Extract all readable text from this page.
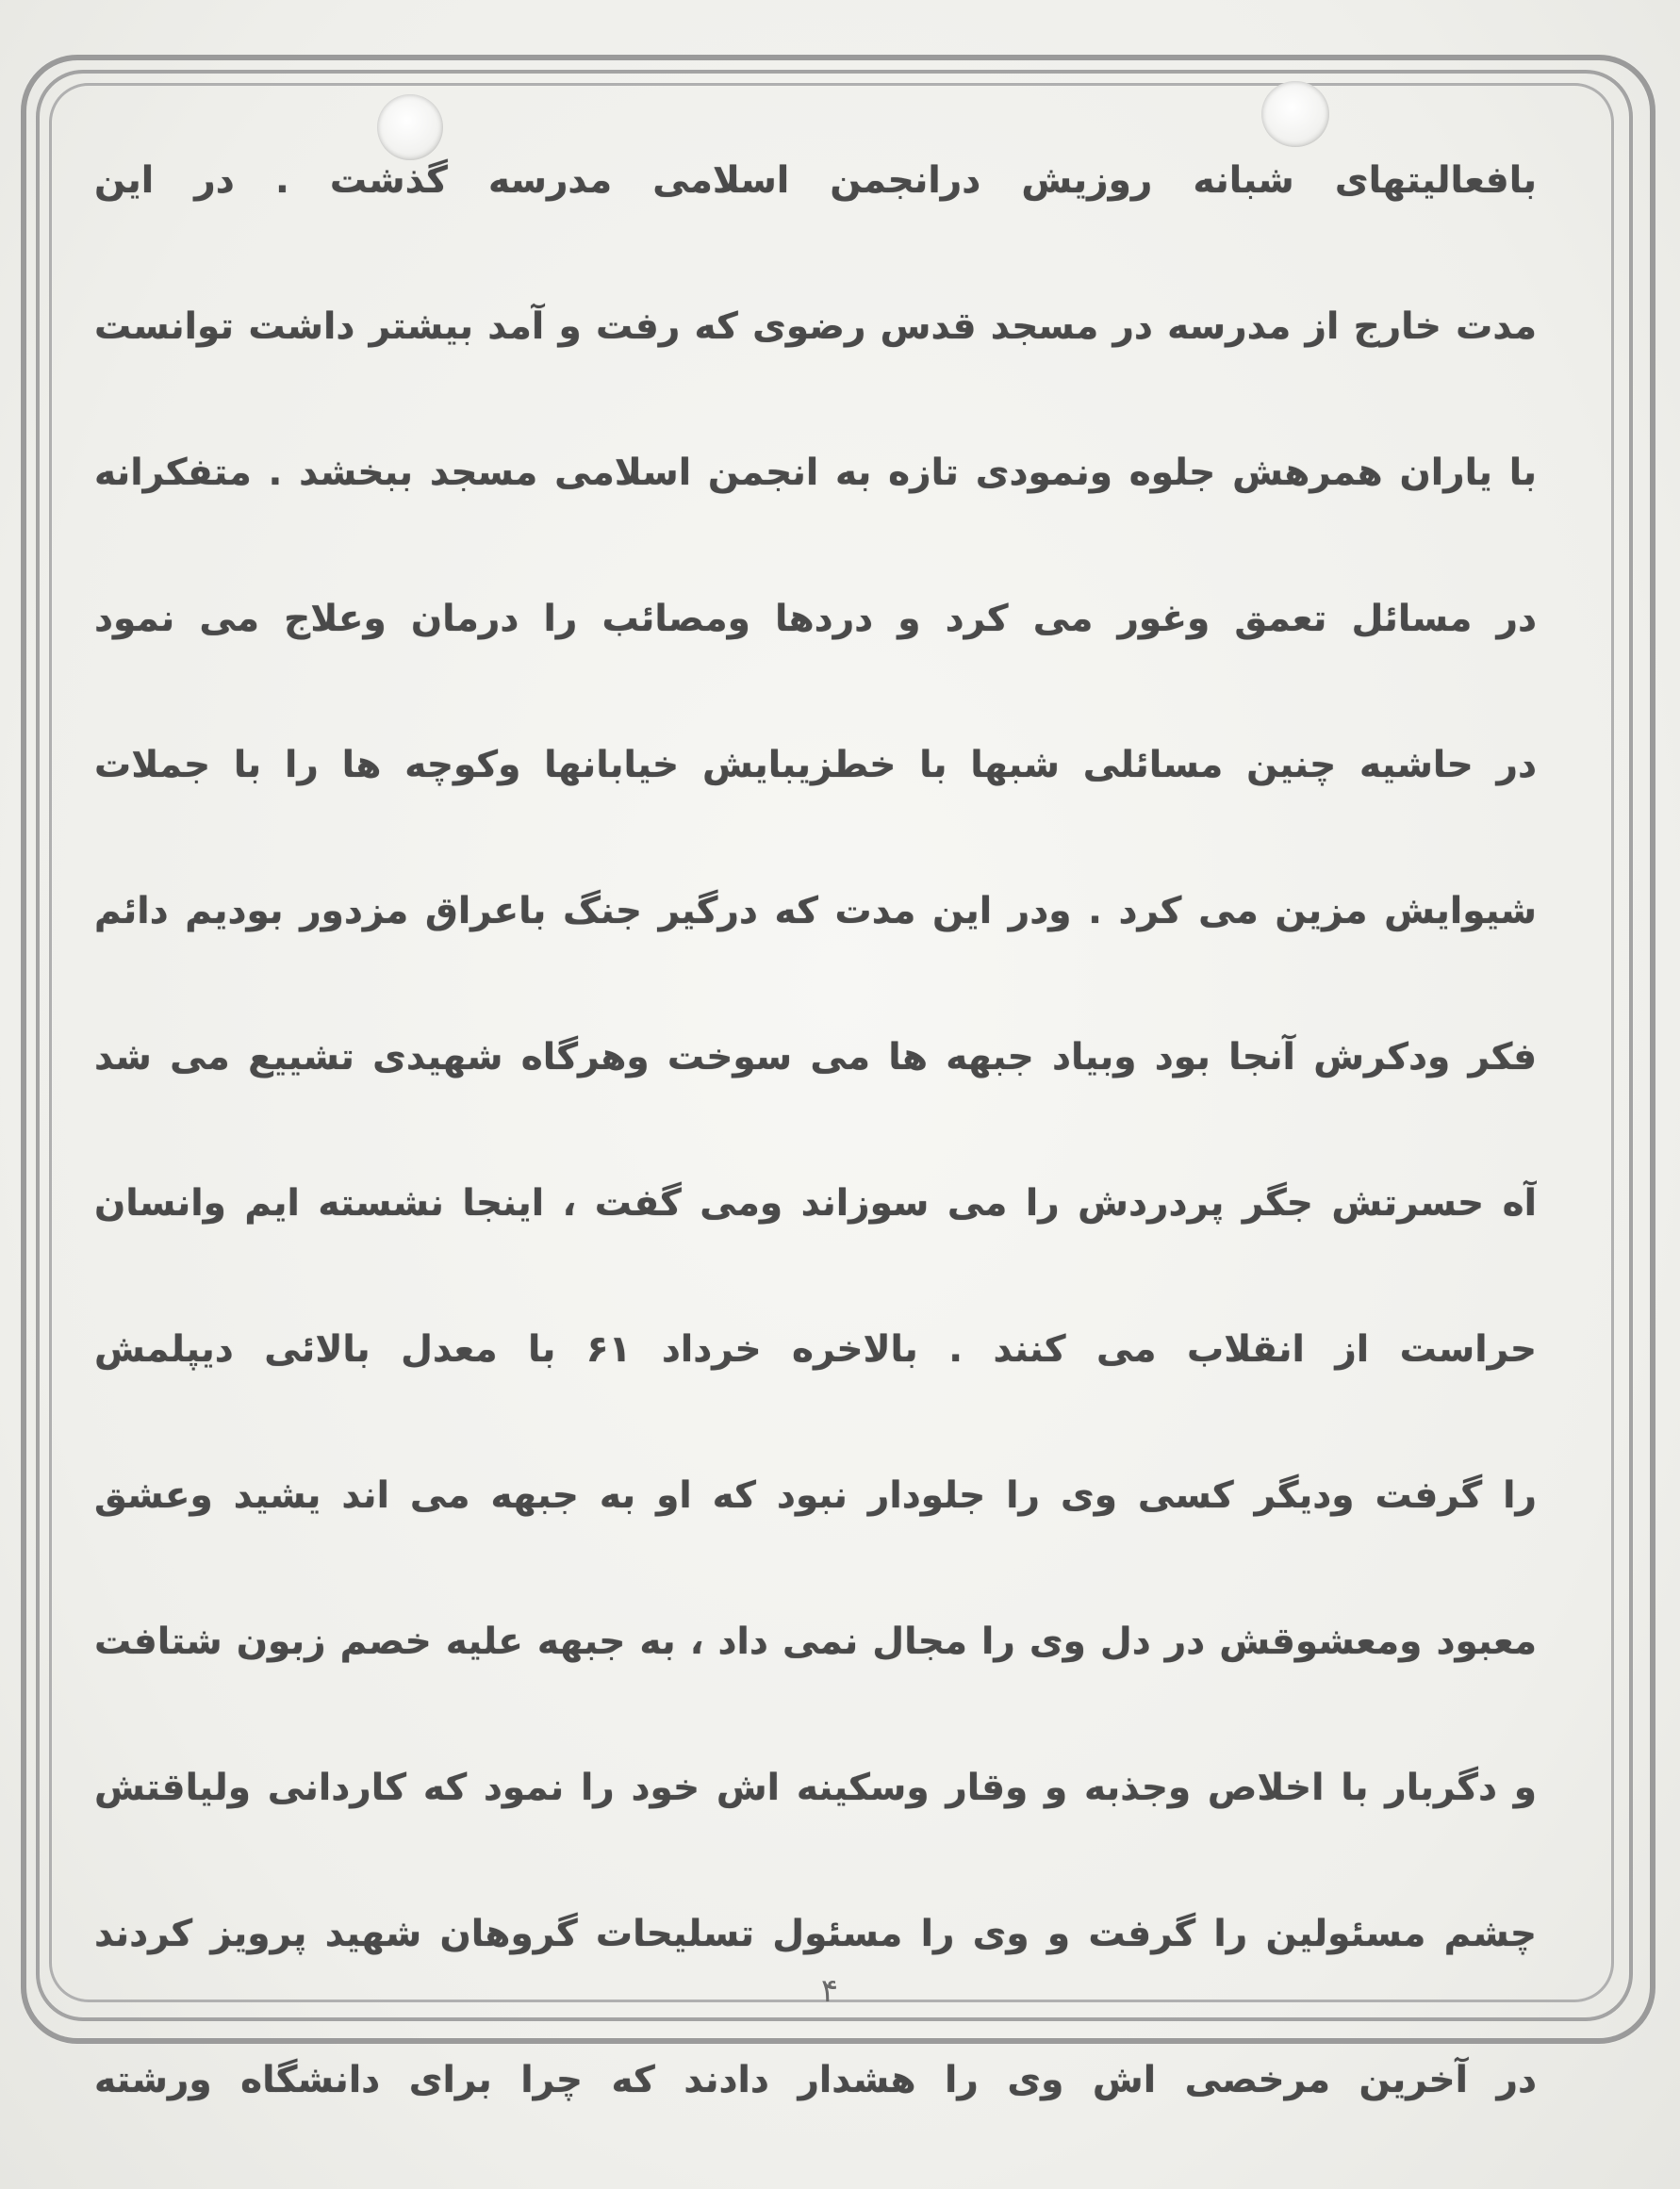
بافعالیتهای شبانه روزیش درانجمن اسلامی مدرسه گذشت . در این
مدت خارج از مدرسه در مسجد قدس رضوی که رفت و آمد بیشتر داشت توانست
با یاران همرهش جلوه ونمودی تازه به انجمن اسلامی مسجد ببخشد . متفکرانه
در مسائل تعمق وغور می کرد و دردها ومصائب را درمان وعلاج می نمود
در حاشیه چنین مسائلی شبها با خطزیبایش خیابانها وکوچه ها را با جملات
شیوایش مزین می کرد . ودر این مدت که درگیر جنگ باعراق مزدور بودیم دائم
فکر ودکرش آنجا بود وبیاد جبهه ها می سوخت وهرگاه شهیدی تشییع می شد
آه حسرتش جگر پردردش را می سوزاند ومی گفت ، اینجا نشسته ایم وانسان
حراست از انقلاب می کنند . بالاخره خرداد ۶۱ با معدل بالائی دیپلمش
را گرفت ودیگر کسی وی را جلودار نبود که او به جبهه می اند یشید وعشق
معبود ومعشوقش در دل وی را مجال نمی داد ، به جبهه علیه خصم زبون شتافت
و دگربار با اخلاص وجذبه و وقار وسکینه اش خود را نمود که کاردانی ولیاقتش
چشم مسئولین را گرفت و وی را مسئول تسلیحات گروهان شهید پرویز کردند
در آخرین مرخصی اش وی را هشدار دادند که چرا برای دانشگاه ورشته
۴
